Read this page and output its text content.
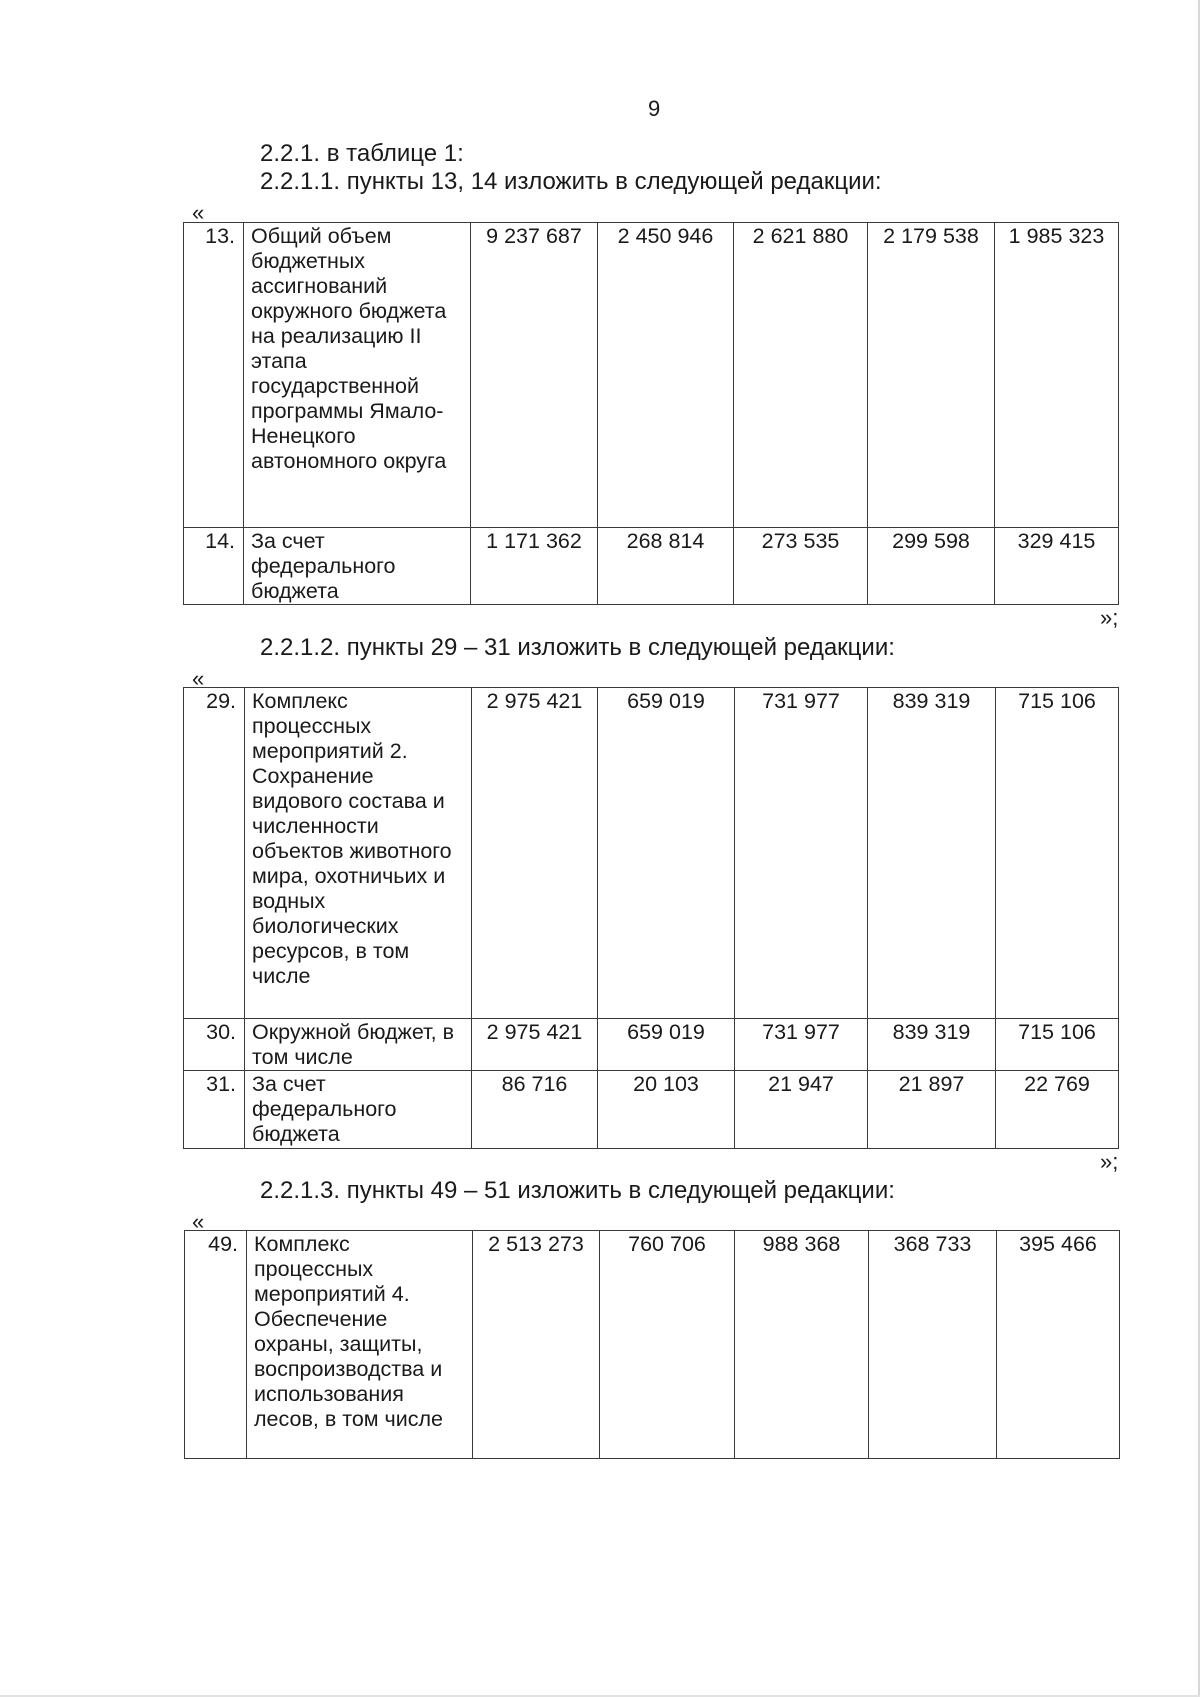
9
2.2.1. в таблице 1:
2.2.1.1. пункты 13, 14 изложить в следующей редакции:
«
13.	Общий объем бюджетных ассигнований окружного бюджета на реализацию II этапа государственной программы Ямало-Ненецкого автономного округа	9 237 687	2 450 946	2 621 880	2 179 538	1 985 323
14.	За счет федерального бюджета	1 171 362	268 814	273 535	299 598	329 415
»;
2.2.1.2. пункты 29 – 31 изложить в следующей редакции:
«
29.	Комплекс процессных мероприятий 2. Сохранение видового состава и численности объектов животного мира, охотничьих и водных биологических ресурсов, в том числе	2 975 421	659 019	731 977	839 319	715 106
30.	Окружной бюджет, в том числе	2 975 421	659 019	731 977	839 319	715 106
31.	За счет федерального бюджета	86 716	20 103	21 947	21 897	22 769
»;
2.2.1.3. пункты 49 – 51 изложить в следующей редакции:
«
49.	Комплекс процессных мероприятий 4. Обеспечение охраны, защиты, воспроизводства и использования лесов, в том числе	2 513 273	760 706	988 368	368 733	395 466
